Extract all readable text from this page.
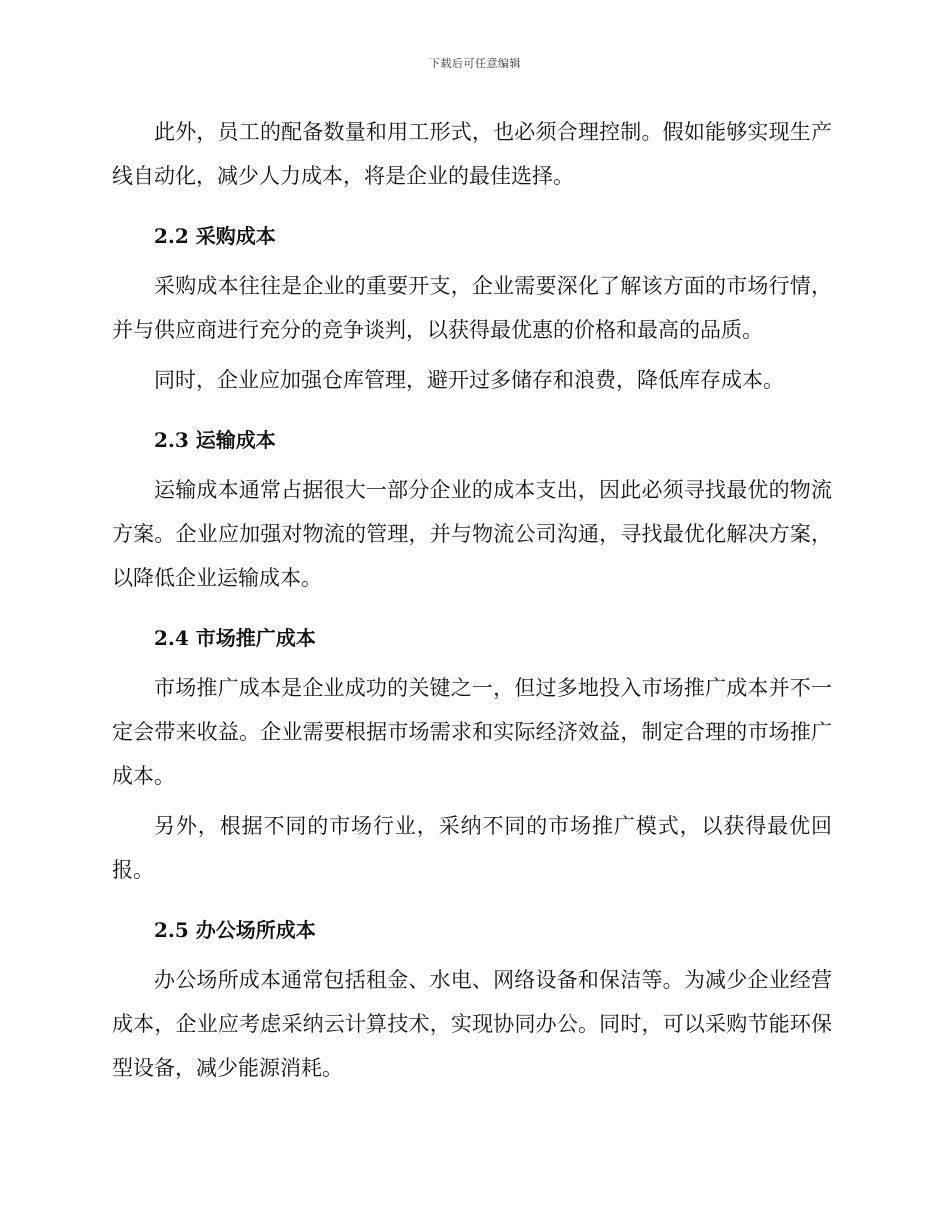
下载后可任意编辑

此外，员工的配备数量和用工形式，也必须合理控制。假如能够实现生产线自动化，减少人力成本，将是企业的最佳选择。

2.2 采购成本

采购成本往往是企业的重要开支，企业需要深化了解该方面的市场行情，并与供应商进行充分的竞争谈判，以获得最优惠的价格和最高的品质。

同时，企业应加强仓库管理，避开过多储存和浪费，降低库存成本。

2.3 运输成本

运输成本通常占据很大一部分企业的成本支出，因此必须寻找最优的物流方案。企业应加强对物流的管理，并与物流公司沟通，寻找最优化解决方案，以降低企业运输成本。

2.4 市场推广成本

市场推广成本是企业成功的关键之一，但过多地投入市场推广成本并不一定会带来收益。企业需要根据市场需求和实际经济效益，制定合理的市场推广成本。

另外，根据不同的市场行业，采纳不同的市场推广模式，以获得最优回报。

2.5 办公场所成本

办公场所成本通常包括租金、水电、网络设备和保洁等。为减少企业经营成本，企业应考虑采纳云计算技术，实现协同办公。同时，可以采购节能环保型设备，减少能源消耗。
